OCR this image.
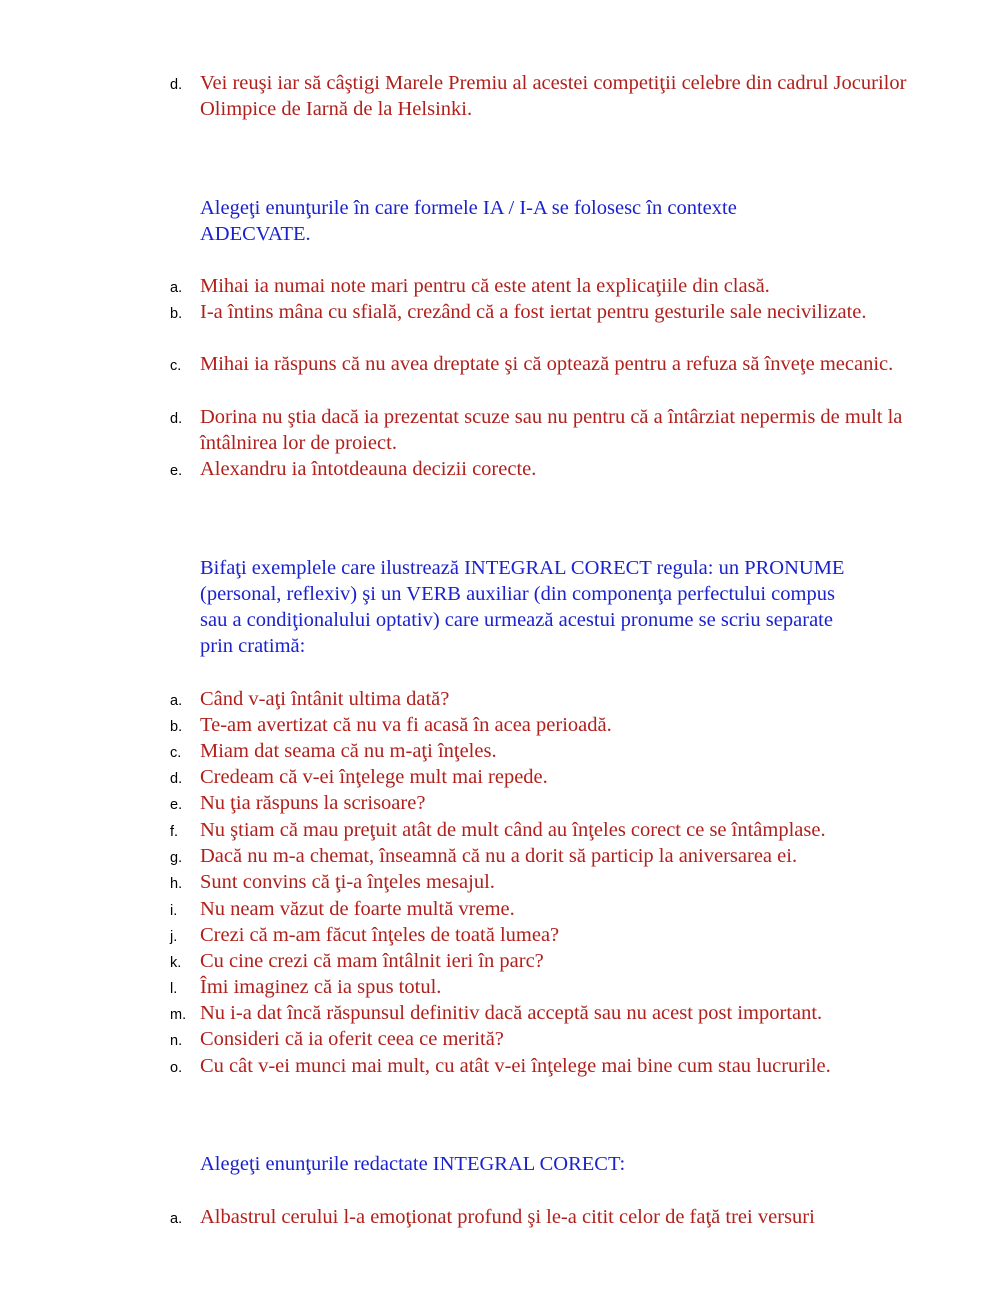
d. Vei reuşi iar să câştigi Marele Premiu al acestei competiţii celebre din cadrul Jocurilor Olimpice de Iarnă de la Helsinki.
Alegeţi enunţurile în care formele IA / I-A se folosesc în contexte ADECVATE.
a. Mihai ia numai note mari pentru că este atent la explicaţiile din clasă.
b. I-a întins mâna cu sfială, crezând că a fost iertat pentru gesturile sale necivilizate.
c. Mihai ia răspuns că nu avea dreptate şi că optează pentru a refuza să înveţe mecanic.
d. Dorina nu ştia dacă ia prezentat scuze sau nu pentru că a întârziat nepermis de mult la întâlnirea lor de proiect.
e. Alexandru ia întotdeauna decizii corecte.
Bifaţi exemplele care ilustrează INTEGRAL CORECT regula: un PRONUME (personal, reflexiv) şi un VERB auxiliar (din componenţa perfectului compus sau a condiţionalului optativ) care urmează acestui pronume se scriu separate prin cratimă:
a. Când v-aţi întânit ultima dată?
b. Te-am avertizat că nu va fi acasă în acea perioadă.
c. Miam dat seama că nu m-aţi înţeles.
d. Credeam că v-ei înţelege mult mai repede.
e. Nu ţia răspuns la scrisoare?
f.	Nu ştiam că mau preţuit atât de mult când au înţeles corect ce se întâmplase.
g. Dacă nu m-a chemat, înseamnă că nu a dorit să particip la aniversarea ei.
h. Sunt convins că ţi-a înţeles mesajul.
i.	Nu neam văzut de foarte multă vreme.
j.	Crezi că m-am făcut înţeles de toată lumea?
k. Cu cine crezi că mam întâlnit ieri în parc?
l.	Îmi imaginez că ia spus totul.
m. Nu i-a dat încă răspunsul definitiv dacă acceptă sau nu acest post important.
n. Consideri că ia oferit ceea ce merită?
o. Cu cât v-ei munci mai mult, cu atât v-ei înţelege mai bine cum stau lucrurile.
Alegeţi enunţurile redactate INTEGRAL CORECT:
a. Albastrul cerului l-a emoţionat profund şi le-a citit celor de faţă trei versuri
